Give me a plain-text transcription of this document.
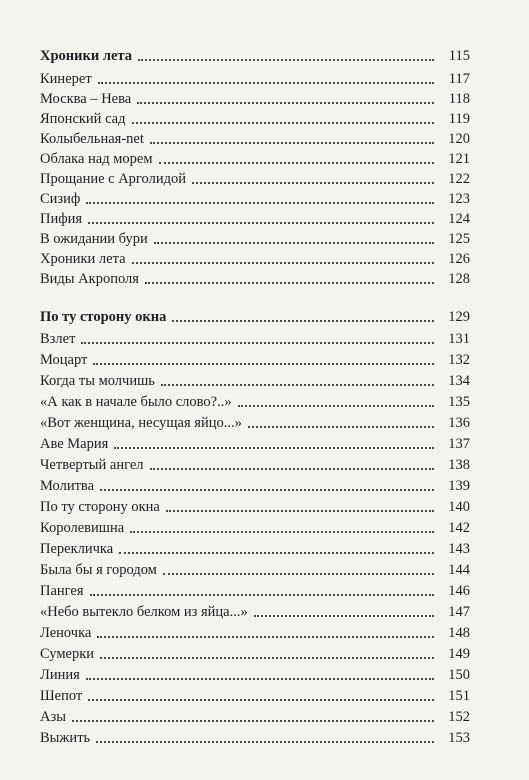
Хроники лета	115
Кинерет	117
Москва – Нева	118
Японский сад	119
Колыбельная-net	120
Облака над морем	121
Прощание с Арголидой	122
Сизиф	123
Пифия	124
В ожидании бури	125
Хроники лета	126
Виды Акрополя	128
По ту сторону окна	129
Взлет	131
Моцарт	132
Когда ты молчишь	134
«А как в начале было слово?..»	135
«Вот женщина, несущая яйцо...»	136
Аве Мария	137
Четвертый ангел	138
Молитва	139
По ту сторону окна	140
Королевишна	142
Перекличка	143
Была бы я городом	144
Пангея	146
«Небо вытекло белком из яйца...»	147
Леночка	148
Сумерки	149
Линия	150
Шепот	151
Азы	152
Выжить	153
